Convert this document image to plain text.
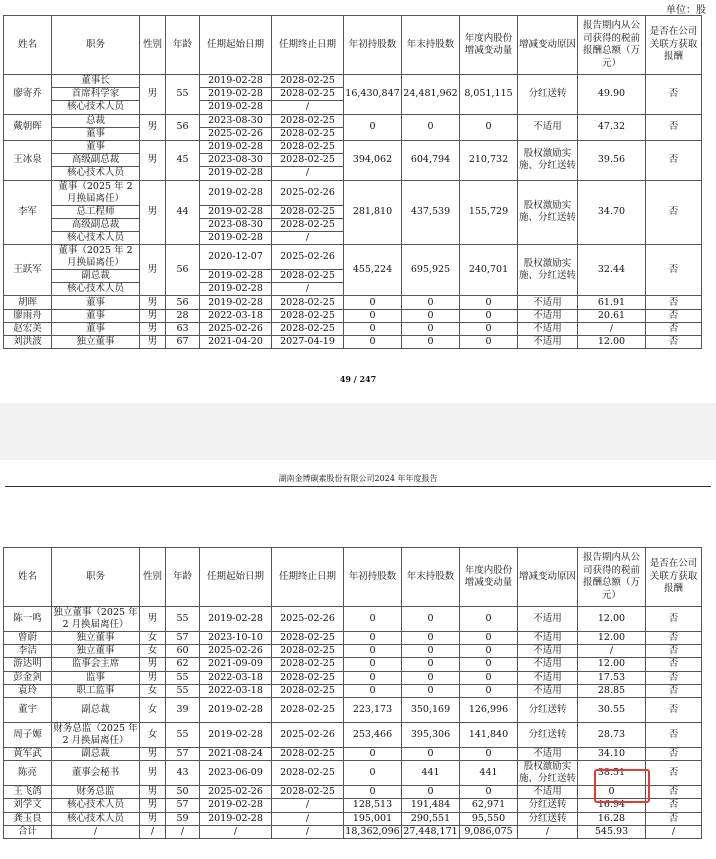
单位：股
姓名	职务	性别	年龄	任期起始日期	任期终止日期	年初持股数	年末持股数	年度内股份增减变动量	增减变动原因	报告期内从公司获得的税前报酬总额（万元）	是否在公司关联方获取报酬
廖寄乔	董事长	男	55	2019-02-28	2028-02-25	16,430,847	24,481,962	8,051,115	分红送转	49.90	否
	首席科学家			2019-02-28	2028-02-25						
	核心技术人员			2019-02-28	/						
戴朝晖	总裁	男	56	2023-08-30	2028-02-25	0	0	0	不适用	47.32	否
	董事			2025-02-26	2028-02-25						
王冰泉	董事	男	45	2019-02-28	2028-02-25	394,062	604,794	210,732	股权激励实施、分红送转	39.56	否
	高级副总裁			2023-08-30	2028-02-25						
	核心技术人员			2019-02-28	/						
李军	董事（2025 年 2 月换届离任）	男	44	2019-02-28	2025-02-26	281,810	437,539	155,729	股权激励实施、分红送转	34.70	否
	总工程师			2019-02-28	2028-02-25						
	高级副总裁			2023-08-30	2028-02-25						
	核心技术人员			2019-02-28	/						
王跃军	董事（2025 年 2 月换届离任）	男	56	2020-12-07	2025-02-26	455,224	695,925	240,701	股权激励实施、分红送转	32.44	否
	副总裁			2019-02-28	2028-02-25						
	核心技术人员			2019-02-28	/						
胡晖	董事	男	56	2019-02-28	2028-02-25	0	0	0	不适用	61.91	否
廖雨舟	董事	男	28	2022-03-18	2028-02-25	0	0	0	不适用	20.61	否
赵宏美	董事	男	63	2025-02-26	2028-02-25	0	0	0	不适用	/	否
刘洪波	独立董事	男	67	2021-04-20	2027-04-19	0	0	0	不适用	12.00	否
49 / 247
湖南金博碳素股份有限公司2024 年年度报告
姓名	职务	性别	年龄	任期起始日期	任期终止日期	年初持股数	年末持股数	年度内股份增减变动量	增减变动原因	报告期内从公司获得的税前报酬总额（万元）	是否在公司关联方获取报酬
陈一鸣	独立董事（2025 年 2 月换届离任）	男	55	2019-02-28	2025-02-26	0	0	0	不适用	12.00	否
曾蔚	独立董事	女	57	2023-10-10	2028-02-25	0	0	0	不适用	12.00	否
李洁	独立董事	女	60	2025-02-26	2028-02-25	0	0	0	不适用	/	否
游达明	监事会主席	男	62	2021-09-09	2028-02-25	0	0	0	不适用	12.00	否
彭金剑	监事	男	55	2022-03-18	2028-02-25	0	0	0	不适用	17.53	否
袁玲	职工监事	女	55	2022-03-18	2028-02-25	0	0	0	不适用	28.85	否
董宇	副总裁	女	39	2019-02-28	2028-02-25	223,173	350,169	126,996	分红送转	30.55	否
周子嫄	财务总监（2025 年 2 月换届离任）	女	55	2019-02-28	2025-02-26	253,466	395,306	141,840	分红送转	28.73	否
黄军武	副总裁	男	57	2021-08-24	2028-02-25	0	0	0	不适用	34.10	否
陈亮	董事会秘书	男	43	2023-06-09	2028-02-25	0	441	441	股权激励实施、分红送转	38.51	否
王飞鸽	财务总监	男	50	2025-02-26	2028-02-25	0	0	0	不适用	0	否
刘学文	核心技术人员	男	57	2019-02-28	/	128,513	191,484	62,971	分红送转	16.94	否
龚玉良	核心技术人员	男	59	2019-02-28	/	195,001	290,551	95,550	分红送转	16.28	否
合计	/	/	/	/	/	18,362,096	27,448,171	9,086,075	/	545.93	/
